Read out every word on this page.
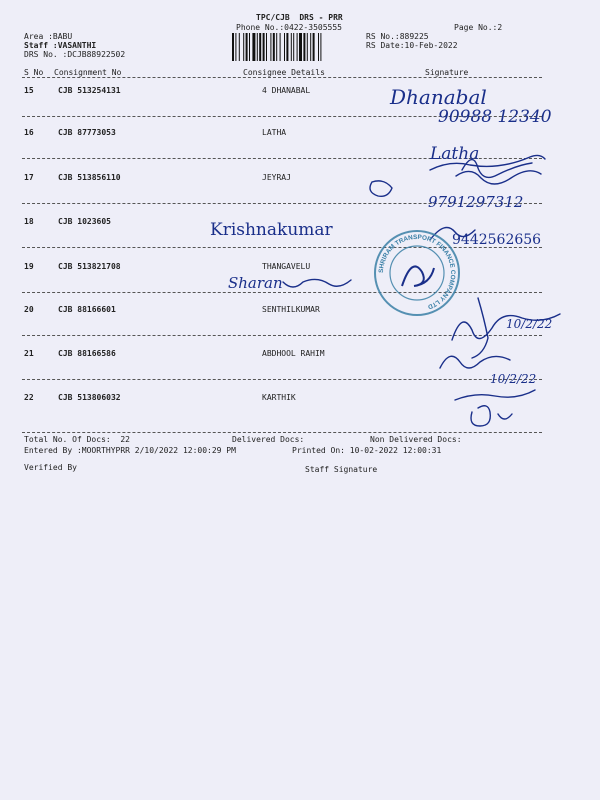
TPC/CJB  DRS - PRR
Phone No.:0422-3505555	Page No.:2
Area :BABU
Staff :VASANTHI
DRS No. :DCJB88922502
RS No.:889225
RS Date:10-Feb-2022
S No Consignment No	Consignee Details	Signature
15	CJB 513254131	4 DHANABAL
16	CJB 87773053	LATHA
17	CJB 513856110	JEYRAJ
18	CJB 1023605
19	CJB 513821708	THANGAVELU
20	CJB 88166601	SENTHILKUMAR
21	CJB 88166586	ABDHOOL RAHIM
22	CJB 513806032	KARTHIK
Total No. Of Docs:  22	Delivered Docs:	Non Delivered Docs:
Entered By :MOORTHYPRR 2/10/2022 12:00:29 PM	Printed On: 10-02-2022 12:00:31
Verified By	Staff Signature
Dhanabal
90988 12340
Latha
9791297312
Krishnakumar	9442562656
Sharan
10/2/22
10/2/22
SHRIRAM TRANSPORT FINANCE COMPANY LTD
